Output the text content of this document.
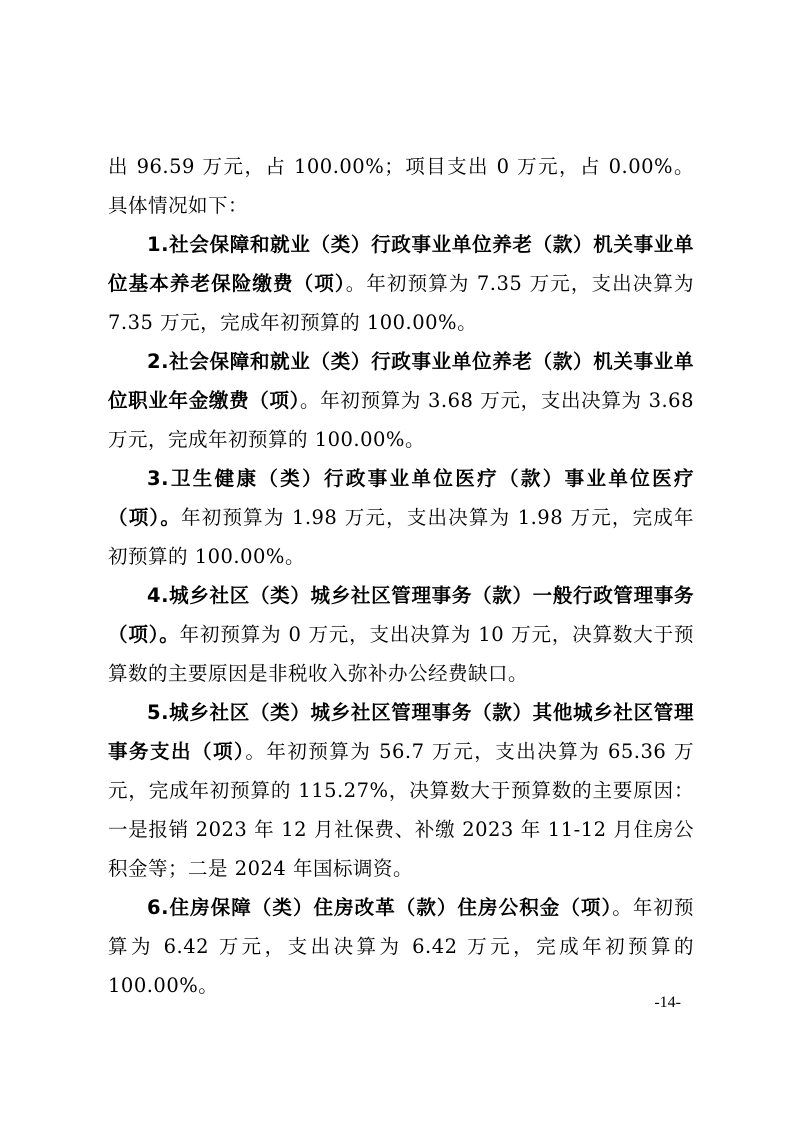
出 96.59 万元，占 100.00%；项目支出 0 万元，占 0.00%。具体情况如下：

1.社会保障和就业（类）行政事业单位养老（款）机关事业单位基本养老保险缴费（项）。年初预算为 7.35 万元，支出决算为 7.35 万元，完成年初预算的 100.00%。

2.社会保障和就业（类）行政事业单位养老（款）机关事业单位职业年金缴费（项）。年初预算为 3.68 万元，支出决算为 3.68 万元，完成年初预算的 100.00%。

3.卫生健康（类）行政事业单位医疗（款）事业单位医疗（项）。年初预算为 1.98 万元，支出决算为 1.98 万元，完成年初预算的 100.00%。

4.城乡社区（类）城乡社区管理事务（款）一般行政管理事务（项）。年初预算为 0 万元，支出决算为 10 万元，决算数大于预算数的主要原因是非税收入弥补办公经费缺口。

5.城乡社区（类）城乡社区管理事务（款）其他城乡社区管理事务支出（项）。年初预算为 56.7 万元，支出决算为 65.36 万元，完成年初预算的 115.27%，决算数大于预算数的主要原因：一是报销 2023 年 12 月社保费、补缴 2023 年 11-12 月住房公积金等；二是 2024 年国标调资。

6.住房保障（类）住房改革（款）住房公积金（项）。年初预算为 6.42 万元，支出决算为 6.42 万元，完成年初预算的 100.00%。

-14-
